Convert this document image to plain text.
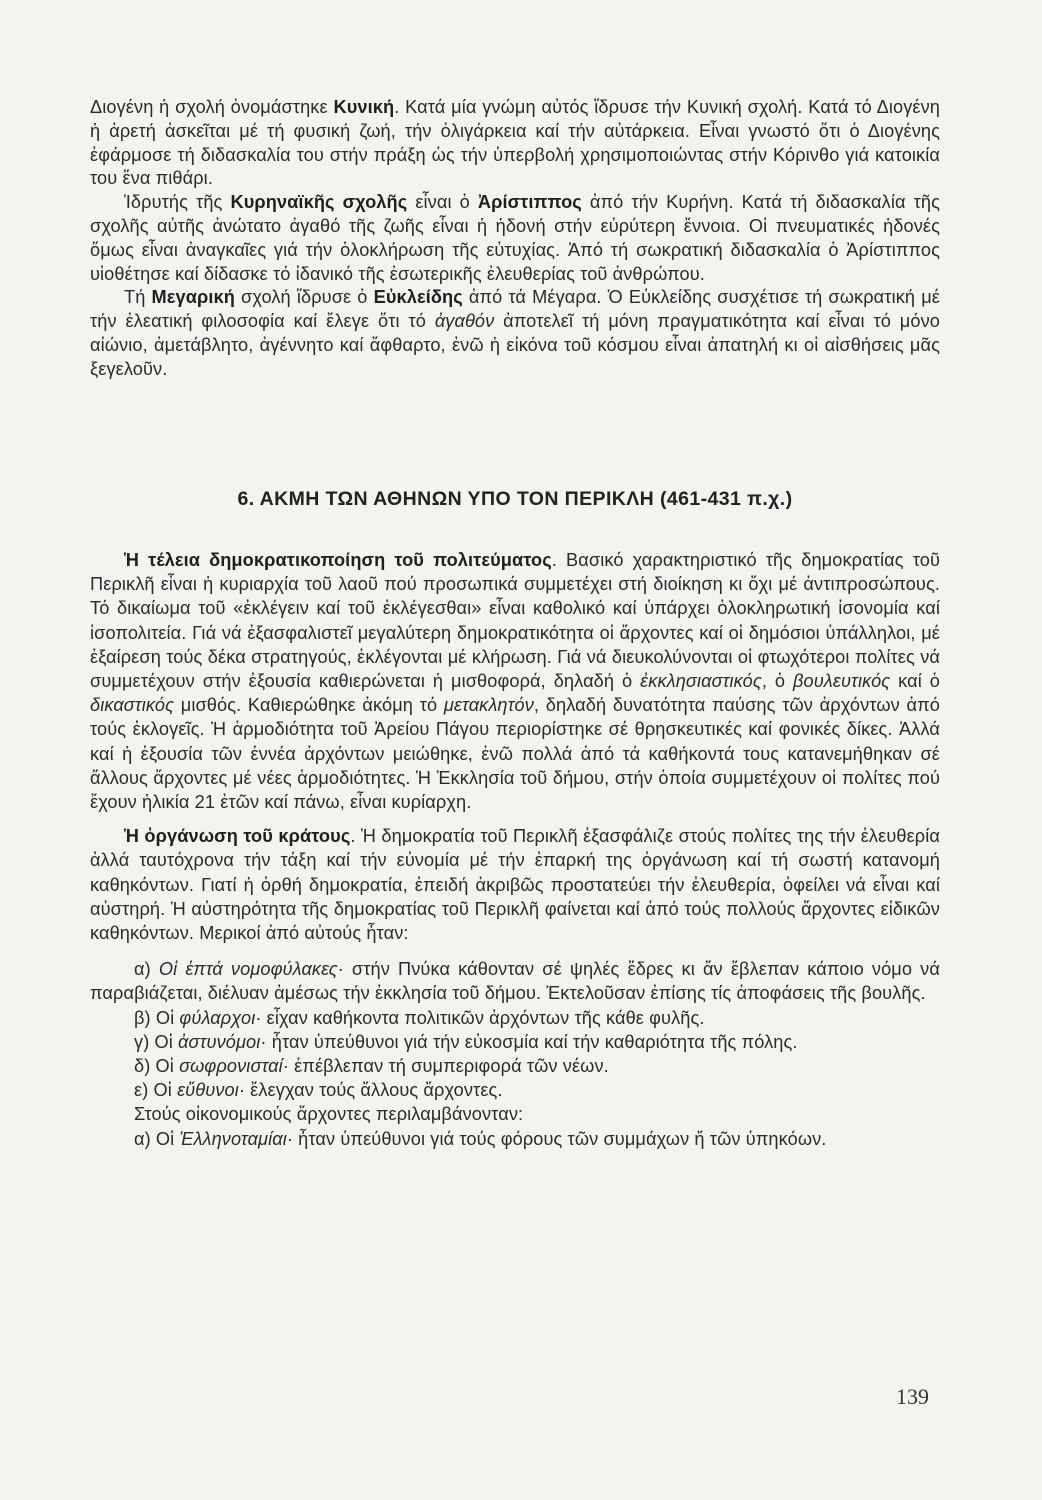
Διογένη ἡ σχολή ὀνομάστηκε Κυνική. Κατά μία γνώμη αὐτός ἵδρυσε τήν Κυνική σχολή. Κατά τό Διογένη ἡ ἀρετή ἀσκεῖται μέ τή φυσική ζωή, τήν ὀλιγάρκεια καί τήν αὐτάρκεια. Εἶναι γνωστό ὅτι ὁ Διογένης ἐφάρμοσε τή διδασκαλία του στήν πράξη ὡς τήν ὑπερβολή χρησιμοποιώντας στήν Κόρινθο γιά κατοικία του ἕνα πιθάρι.

Ἱδρυτής τῆς Κυρηναϊκῆς σχολῆς εἶναι ὁ Ἀρίστιππος ἀπό τήν Κυρήνη. Κατά τή διδασκαλία τῆς σχολῆς αὐτῆς ἀνώτατο ἀγαθό τῆς ζωῆς εἶναι ἡ ἡδονή στήν εὐρύτερη ἔννοια. Οἱ πνευματικές ἡδονές ὅμως εἶναι ἀναγκαῖες γιά τήν ὁλοκλήρωση τῆς εὐτυχίας. Ἀπό τή σωκρατική διδασκαλία ὁ Ἀρίστιππος υἱοθέτησε καί δίδασκε τό ἰδανικό τῆς ἐσωτερικῆς ἐλευθερίας τοῦ ἀνθρώπου.

Τή Μεγαρική σχολή ἵδρυσε ὁ Εὐκλείδης ἀπό τά Μέγαρα. Ὁ Εὐκλείδης συσχέτισε τή σωκρατική μέ τήν ἐλεατική φιλοσοφία καί ἔλεγε ὅτι τό ἀγαθόν ἀποτελεῖ τή μόνη πραγματικότητα καί εἶναι τό μόνο αἰώνιο, ἀμετάβλητο, ἀγέννητο καί ἄφθαρτο, ἐνῶ ἡ εἰκόνα τοῦ κόσμου εἶναι ἀπατηλή κι οἱ αἰσθήσεις μᾶς ξεγελοῦν.

6. ΑΚΜΗ ΤΩΝ ΑΘΗΝΩΝ ΥΠΟ ΤΟΝ ΠΕΡΙΚΛΗ (461-431 π.χ.)

Ἡ τέλεια δημοκρατικοποίηση τοῦ πολιτεύματος. Βασικό χαρακτηριστικό τῆς δημοκρατίας τοῦ Περικλῆ εἶναι ἡ κυριαρχία τοῦ λαοῦ πού προσωπικά συμμετέχει στή διοίκηση κι ὄχι μέ ἀντιπροσώπους. Τό δικαίωμα τοῦ «ἐκλέγειν καί τοῦ ἐκλέγεσθαι» εἶναι καθολικό καί ὑπάρχει ὁλοκληρωτική ἰσονομία καί ἰσοπολιτεία. Γιά νά ἐξασφαλιστεῖ μεγαλύτερη δημοκρατικότητα οἱ ἄρχοντες καί οἱ δημόσιοι ὑπάλληλοι, μέ ἐξαίρεση τούς δέκα στρατηγούς, ἐκλέγονται μέ κλήρωση. Γιά νά διευκολύνονται οἱ φτωχότεροι πολίτες νά συμμετέχουν στήν ἐξουσία καθιερώνεται ἡ μισθοφορά, δηλαδή ὁ ἐκκλησιαστικός, ὁ βουλευτικός καί ὁ δικαστικός μισθός. Καθιερώθηκε ἀκόμη τό μετακλητόν, δηλαδή δυνατότητα παύσης τῶν ἀρχόντων ἀπό τούς ἐκλογεῖς. Ἡ ἁρμοδιότητα τοῦ Ἀρείου Πάγου περιορίστηκε σέ θρησκευτικές καί φονικές δίκες. Ἀλλά καί ἡ ἐξουσία τῶν ἐννέα ἀρχόντων μειώθηκε, ἐνῶ πολλά ἀπό τά καθήκοντά τους κατανεμήθηκαν σέ ἄλλους ἄρχοντες μέ νέες ἁρμοδιότητες. Ἡ Ἐκκλησία τοῦ δήμου, στήν ὁποία συμμετέχουν οἱ πολίτες πού ἔχουν ἡλικία 21 ἐτῶν καί πάνω, εἶναι κυρίαρχη.

Ἡ ὀργάνωση τοῦ κράτους. Ἡ δημοκρατία τοῦ Περικλῆ ἐξασφάλιζε στούς πολίτες της τήν ἐλευθερία ἀλλά ταυτόχρονα τήν τάξη καί τήν εὐνομία μέ τήν ἐπαρκή της ὀργάνωση καί τή σωστή κατανομή καθηκόντων. Γιατί ἡ ὀρθή δημοκρατία, ἐπειδή ἀκριβῶς προστατεύει τήν ἐλευθερία, ὀφείλει νά εἶναι καί αὐστηρή. Ἡ αὐστηρότητα τῆς δημοκρατίας τοῦ Περικλῆ φαίνεται καί ἀπό τούς πολλούς ἄρχοντες εἰδικῶν καθηκόντων. Μερικοί ἀπό αὐτούς ἦταν:

α) Οἱ ἑπτά νομοφύλακες· στήν Πνύκα κάθονταν σέ ψηλές ἕδρες κι ἄν ἔβλεπαν κάποιο νόμο νά παραβιάζεται, διέλυαν ἀμέσως τήν ἐκκλησία τοῦ δήμου. Ἐκτελοῦσαν ἐπίσης τίς ἀποφάσεις τῆς βουλῆς.

β) Οἱ φύλαρχοι· εἶχαν καθήκοντα πολιτικῶν ἀρχόντων τῆς κάθε φυλῆς.

γ) Οἱ ἀστυνόμοι· ἦταν ὑπεύθυνοι γιά τήν εὐκοσμία καί τήν καθαριότητα τῆς πόλης.

δ) Οἱ σωφρονισταί· ἐπέβλεπαν τή συμπεριφορά τῶν νέων.

ε) Οἱ εὔθυνοι· ἔλεγχαν τούς ἄλλους ἄρχοντες.

Στούς οἰκονομικούς ἄρχοντες περιλαμβάνονταν:

α) Οἱ Ἑλληνοταμίαι· ἦταν ὑπεύθυνοι γιά τούς φόρους τῶν συμμάχων ἤ τῶν ὑπηκόων.

139
